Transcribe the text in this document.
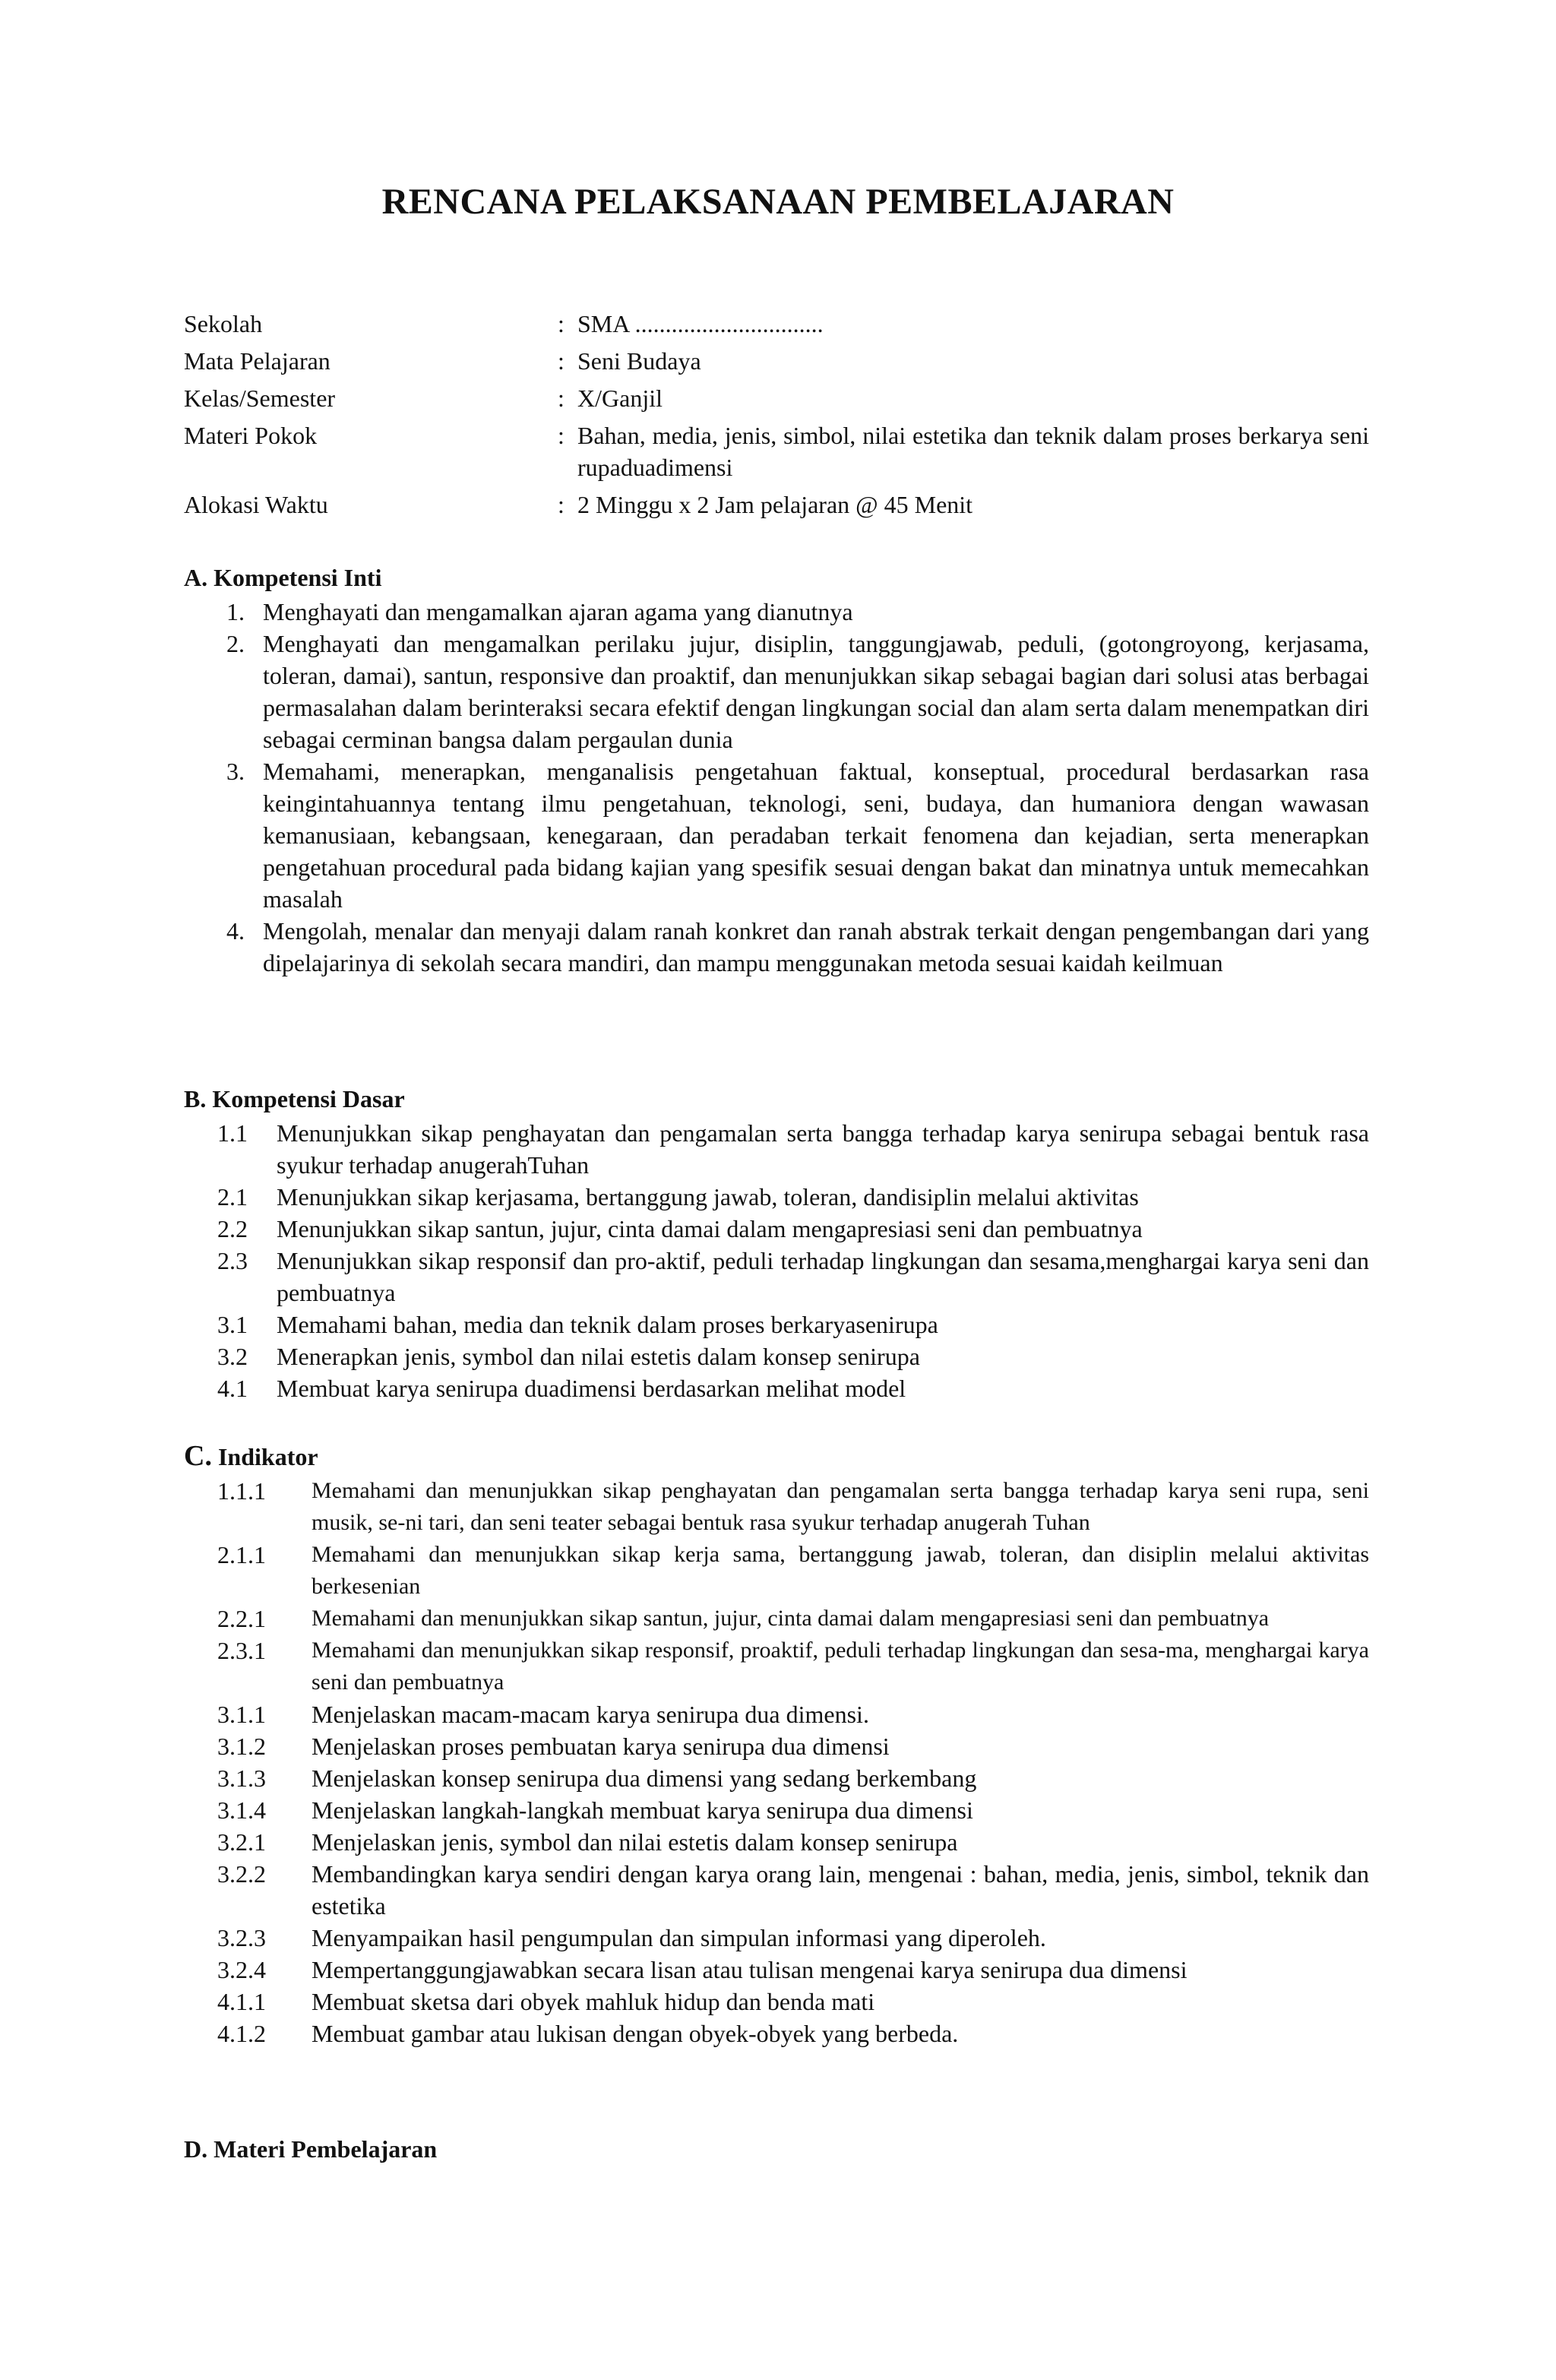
RENCANA PELAKSANAAN PEMBELAJARAN
Sekolah	: SMA ...............................
Mata Pelajaran	: Seni Budaya
Kelas/Semester	: X/Ganjil
Materi Pokok	: Bahan, media, jenis, simbol, nilai estetika dan teknik dalam proses berkarya seni rupaduadimensi
Alokasi Waktu	: 2 Minggu x 2 Jam pelajaran @ 45 Menit
A. Kompetensi Inti
1. Menghayati dan mengamalkan ajaran agama yang dianutnya
2. Menghayati dan mengamalkan perilaku jujur, disiplin, tanggungjawab, peduli, (gotongroyong, kerjasama, toleran, damai), santun, responsive dan proaktif, dan menunjukkan sikap sebagai bagian dari solusi atas berbagai permasalahan dalam berinteraksi secara efektif dengan lingkungan social dan alam serta dalam menempatkan diri sebagai cerminan bangsa dalam pergaulan dunia
3. Memahami, menerapkan, menganalisis pengetahuan faktual, konseptual, procedural berdasarkan rasa keingintahuannya tentang ilmu pengetahuan, teknologi, seni, budaya, dan humaniora dengan wawasan kemanusiaan, kebangsaan, kenegaraan, dan peradaban terkait fenomena dan kejadian, serta menerapkan pengetahuan procedural pada bidang kajian yang spesifik sesuai dengan bakat dan minatnya untuk memecahkan masalah
4. Mengolah, menalar dan menyaji dalam ranah konkret dan ranah abstrak terkait dengan pengembangan dari yang dipelajarinya di sekolah secara mandiri, dan mampu menggunakan metoda sesuai kaidah keilmuan
B. Kompetensi Dasar
1.1	Menunjukkan sikap penghayatan dan pengamalan serta bangga terhadap karya senirupa sebagai bentuk rasa syukur terhadap anugerahTuhan
2.1	Menunjukkan sikap kerjasama, bertanggung jawab, toleran, dandisiplin melalui aktivitas
2.2	Menunjukkan sikap santun, jujur, cinta damai dalam mengapresiasi seni dan pembuatnya
2.3	Menunjukkan sikap responsif dan pro-aktif, peduli terhadap lingkungan dan sesama,menghargai karya seni dan pembuatnya
3.1	Memahami bahan, media dan teknik dalam proses berkaryasenirupa
3.2	Menerapkan jenis, symbol dan nilai estetis dalam konsep senirupa
4.1	Membuat karya senirupa duadimensi berdasarkan melihat model
C. Indikator
1.1.1	Memahami dan menunjukkan sikap penghayatan dan pengamalan serta bangga terhadap karya seni rupa, seni musik, se-ni tari, dan seni teater sebagai bentuk rasa syukur terhadap anugerah Tuhan
2.1.1	Memahami dan menunjukkan sikap kerja sama, bertanggung jawab, toleran, dan disiplin melalui aktivitas berkesenian
2.2.1	Memahami dan menunjukkan sikap santun, jujur, cinta damai dalam mengapresiasi seni dan pembuatnya
2.3.1	Memahami dan menunjukkan sikap responsif, proaktif, peduli terhadap lingkungan dan sesa-ma, menghargai karya seni dan pembuatnya
3.1.1	Menjelaskan macam-macam karya senirupa dua dimensi.
3.1.2	Menjelaskan proses pembuatan karya senirupa dua dimensi
3.1.3	Menjelaskan konsep senirupa dua dimensi yang sedang berkembang
3.1.4	Menjelaskan langkah-langkah membuat karya senirupa dua dimensi
3.2.1	Menjelaskan jenis, symbol dan nilai estetis dalam konsep senirupa
3.2.2	Membandingkan karya sendiri dengan karya orang lain, mengenai : bahan, media, jenis, simbol, teknik dan estetika
3.2.3	Menyampaikan hasil pengumpulan dan simpulan informasi yang diperoleh.
3.2.4	Mempertanggungjawabkan secara lisan atau tulisan mengenai karya senirupa dua dimensi
4.1.1	Membuat sketsa dari obyek mahluk hidup dan benda mati
4.1.2	Membuat gambar atau lukisan dengan obyek-obyek yang berbeda.
D. Materi Pembelajaran
